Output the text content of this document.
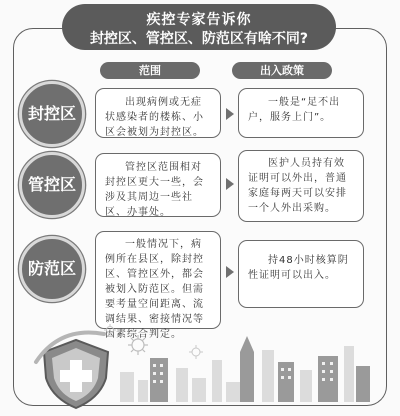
疾控专家告诉你
封控区、管控区、防范区有啥不同?
范围	出入政策
封控区

出现病例或无症状感染者的楼栋、小区会被划为封控区。

一般是“足不出户，服务上门”。

管控区

管控区范围相对封控区更大一些，会涉及其周边一些社区、办事处。

医护人员持有效证明可以外出，普通家庭每两天可以安排一个人外出采购。

防范区

一般情况下，病例所在县区，除封控区、管控区外，都会被划入防范区。但需要考量空间距离、流调结果、密接情况等因素综合判定。

持48小时核算阴性证明可以出入。
